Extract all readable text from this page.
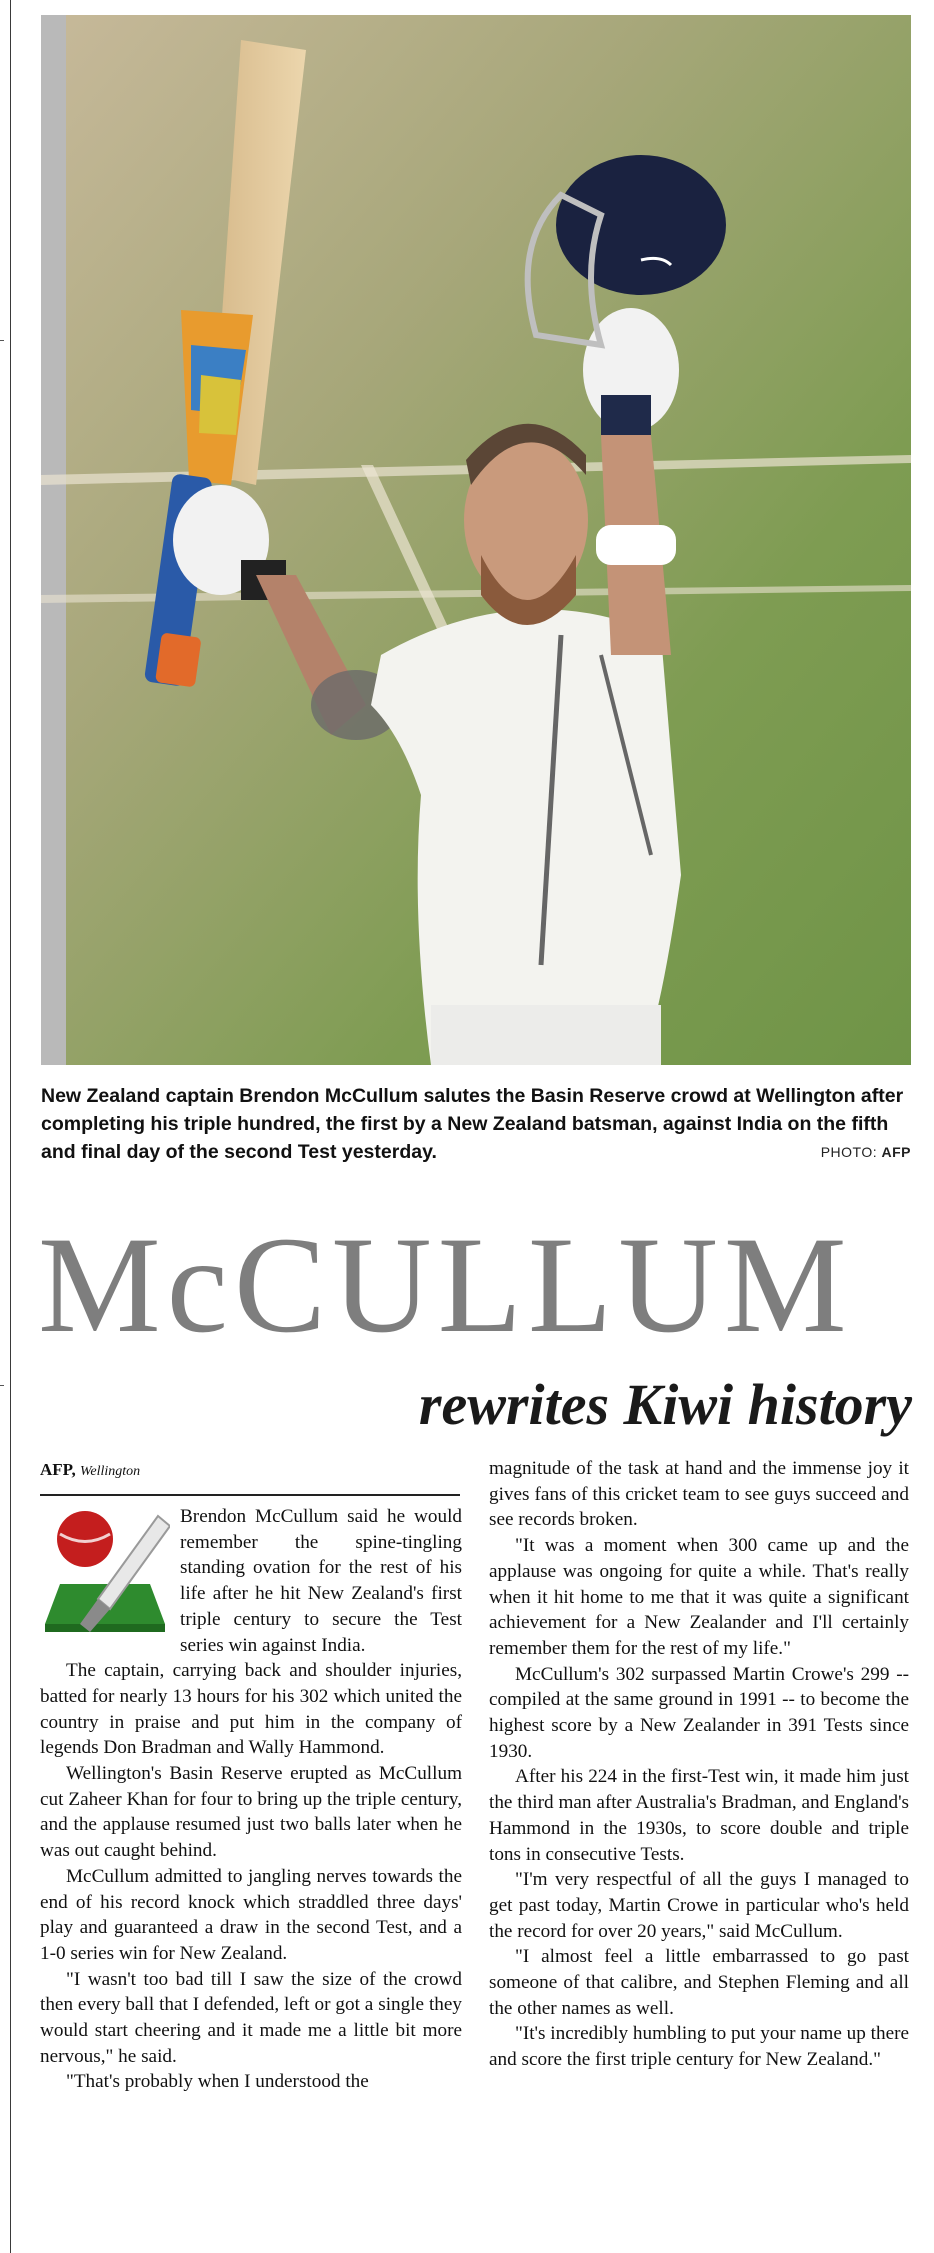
New Zealand captain Brendon McCullum salutes the Basin Reserve crowd at Wellington after completing his triple hundred, the first by a New Zealand batsman, against India on the fifth and final day of the second Test yesterday.	PHOTO: AFP
McCULLUM
rewrites Kiwi history
AFP, Wellington

Brendon McCullum said he would remember the spine-tingling standing ovation for the rest of his life after he hit New Zealand's first triple century to secure the Test series win against India.

The captain, carrying back and shoulder injuries, batted for nearly 13 hours for his 302 which united the country in praise and put him in the company of legends Don Bradman and Wally Hammond.

Wellington's Basin Reserve erupted as McCullum cut Zaheer Khan for four to bring up the triple century, and the applause resumed just two balls later when he was out caught behind.

McCullum admitted to jangling nerves towards the end of his record knock which straddled three days' play and guaranteed a draw in the second Test, and a 1-0 series win for New Zealand.

"I wasn't too bad till I saw the size of the crowd then every ball that I defended, left or got a single they would start cheering and it made me a little bit more nervous," he said.

"That's probably when I understood the

magnitude of the task at hand and the immense joy it gives fans of this cricket team to see guys succeed and see records broken.

"It was a moment when 300 came up and the applause was ongoing for quite a while. That's really when it hit home to me that it was quite a significant achievement for a New Zealander and I'll certainly remember them for the rest of my life."

McCullum's 302 surpassed Martin Crowe's 299 -- compiled at the same ground in 1991 -- to become the highest score by a New Zealander in 391 Tests since 1930.

After his 224 in the first-Test win, it made him just the third man after Australia's Bradman, and England's Hammond in the 1930s, to score double and triple tons in consecutive Tests.

"I'm very respectful of all the guys I managed to get past today, Martin Crowe in particular who's held the record for over 20 years," said McCullum.

"I almost feel a little embarrassed to go past someone of that calibre, and Stephen Fleming and all the other names as well.

"It's incredibly humbling to put your name up there and score the first triple century for New Zealand."
